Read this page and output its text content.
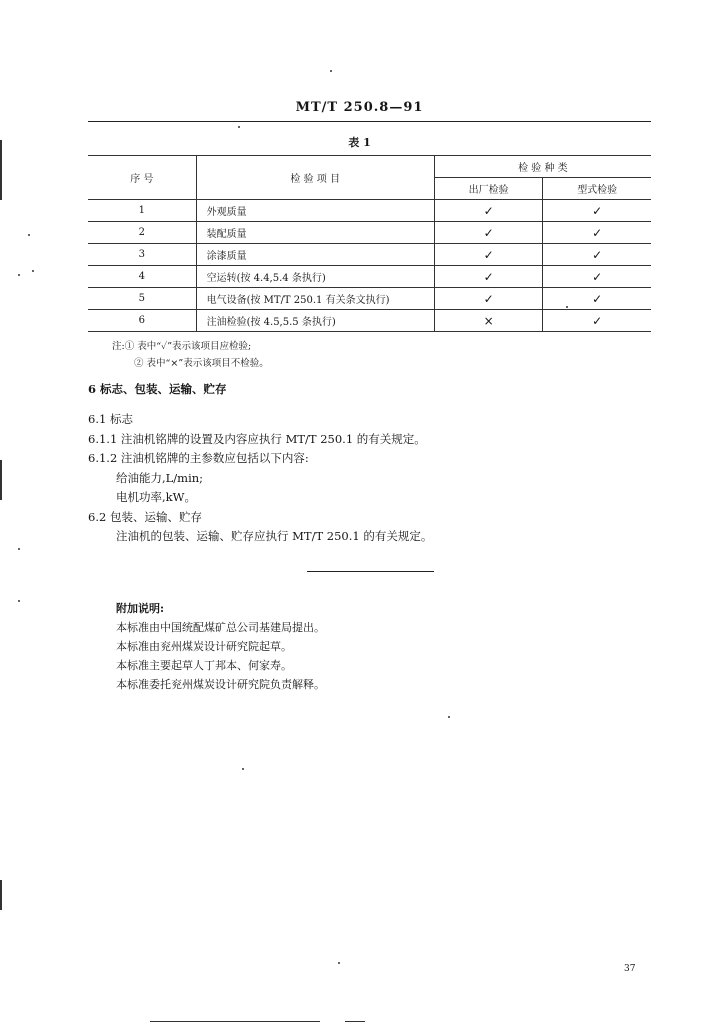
MT/T 250.8—91
表 1
序 号	检 验 项 目	检 验 种 类	
		出厂检验	型式检验
1	外观质量	✓	✓
2	装配质量	✓	✓
3	涂漆质量	✓	✓
4	空运转(按 4.4,5.4 条执行)	✓	✓
5	电气设备(按 MT/T 250.1 有关条文执行)	✓	✓
6	注油检验(按 4.5,5.5 条执行)	×	✓
注:① 表中“✓”表示该项目应检验;
② 表中“×”表示该项目不检验。
6 标志、包装、运输、贮存
6.1 标志
6.1.1 注油机铭牌的设置及内容应执行 MT/T 250.1 的有关规定。
6.1.2 注油机铭牌的主参数应包括以下内容:
给油能力,L/min;
电机功率,kW。
6.2 包装、运输、贮存
注油机的包装、运输、贮存应执行 MT/T 250.1 的有关规定。
附加说明:
本标准由中国统配煤矿总公司基建局提出。
本标准由兖州煤炭设计研究院起草。
本标准主要起草人丁邦本、何家寿。
本标准委托兖州煤炭设计研究院负责解释。
37
